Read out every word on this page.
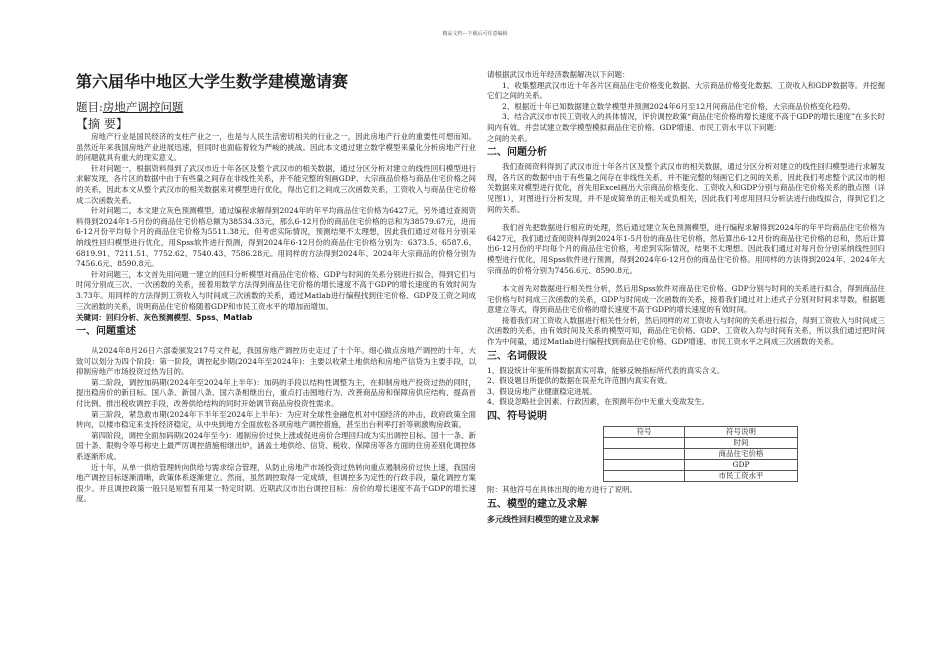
精品文档---下载后可任意编辑
第六届华中地区大学生数学建模邀请赛
题目:房地产调控问题
【摘 要】

房地产行业是国民经济的支柱产业之一，也是与人民生活密切相关的行业之一，因此房地产行业的重要性可想而知。虽然近年来我国房地产业进展迅速，但同时也面临着较为严峻的挑战。因此本文通过建立数学模型来量化分析房地产行业的问题就具有重大的现实意义。

针对问题一，根据资料得到了武汉市近十年各区及整个武汉市的相关数据，通过分区分析对建立的线性回归模型进行求解发现，各片区的数据中由于有些量之间存在非线性关系，并不能完整的刻画GDP、大宗商品价格与商品住宅价格之间的关系，因此本文从整个武汉市的相关数据来对模型进行优化，得出它们之间成三次函数关系，工资收入与商品住宅价格成二次函数关系。

针对问题二，本文建立灰色预测模型，通过编程求解得到2024年的年平均商品住宅价格为6427元，另外通过查阅资料得到2024年1-5月份的商品住宅价格总额为38534.33元，那么6-12月份的商品住宅价格的总和为38579.67元，进而6-12月份平均每个月的商品住宅价格为5511.38元。但考虑实际情况，预测结果不太理想，因此我们通过对每月分别采纳线性回归模型进行优化，用Spss软件进行预测，得到2024年6-12月份的商品住宅价格分别为：6373.5、6587.6、6819.91、7211.51、7752.62、7540.43、7586.28元。用同样的方法得到2024年、2024年大宗商品的价格分别为7456.6元、8590.8元。

针对问题三，本文首先用问题一建立的回归分析模型对商品住宅价格、GDP与时间的关系分别进行拟合，得到它们与时间分别成三次、一次函数的关系，接着用数学方法得到商品住宅价格的增长速度不高于GDP的增长速度的有效时间为3.73年。用同样的方法得到工资收入与时间成三次函数的关系，通过Matlab进行编程找到住宅价格、GDP及工资之间成三次函数的关系，说明商品住宅价格随着GDP和市民工资水平的增加而增加。

关键词：回归分析、灰色预测模型、Spss、Matlab
一、问题重述

从2024年8月26日六部委颁发217号文件起，我国房地产调控历史走过了十个年。细心做点房地产调控的十年，大致可以划分为四个阶段：第一阶段，调控起步期(2024年至2024年)：主要以收紧土地供给和房地产信贷为主要手段，以抑制房地产市场投资过热为目的。

第二阶段，调控加码期(2024年至2024年上半年)：加码的手段以结构性调整为主，在抑制房地产投资过热的同时，提出稳房价的新目标。国八条、新国八条、国六条相继出台，重点打击囤地行为、改善商品房和保障房供应结构、提高首付比例、推出税收调控手段，改善供给结构的同时开始调节商品房投资性需求。

第三阶段，紧急救市期(2024年下半年至2024年上半年)：为应对全球性金融危机对中国经济的冲击，政府政策全面转向，以楼市稳定来支持经济稳定，从中央到地方全面放松各项房地产调控措施，甚至出台利率打折等刺激购房政策。

第四阶段，调控全面加码期(2024年至今)：遏制房价过快上涨或促进房价合理回归成为实出调控目标。国十一条、新国十条、限购令等号称史上最严厉调控措施相继出炉，涵盖土地供给、信贷、税收、保障房等各方面的住房差别化调控体系逐渐形成。

近十年，从单一供给管理转向供给与需求综合管理，从防止房地产市场投资过热转向重点遏制房价过快上速，我国房地产调控目标逐渐清晰，政策体系逐渐建立。然而，虽然调控取得一定成绩，但调控多为定性的行政手段，量化调控方案很少。并且调控政策一般只是短暂有用某一特定时期。近期武汉市出台调控目标：房价的增长速度不高于GDP的增长速度。

请根据武汉市近年经济数据解决以下问题：

1、收集整理武汉市近十年各片区商品住宅价格变化数据、大宗商品价格变化数据、工资收入和GDP数据等。并挖掘它们之间的关系。

2、根据近十年已知数据建立数学模型并预测2024年6月至12月间商品住宅价格，大宗商品价格变化趋势。

3、结合武汉市市民工资收入的具体情况，评价调控政策“商品住宅价格的增长速度不高于GDP的增长速度”在多长时间内有效。并尝试建立数学模型模拟商品住宅价格、GDP增速、市民工资水平以下问题：

之间的关系。

二、问题分析

我们查阅资料得到了武汉市近十年各片区及整个武汉市的相关数据，通过分区分析对建立的线性回归模型进行求解发现，各片区的数据中由于有些量之间存在非线性关系，并不能完整的刻画它们之间的关系，因此我们考虑整个武汉市的相关数据来对模型进行优化，首先用Excel画出大宗商品价格变化、工资收入和GDP分别与商品住宅价格关系的散点图（详见图1），对图进行分析发现，并不是成简单的正相关或负相关，因此我们考虑用回归分析法进行曲线拟合，得到它们之间的关系。

我们首先把数据进行相应的处理，然后通过建立灰色预测模型，进行编程求解得到2024年的年平均商品住宅价格为6427元，我们通过查阅资料得到2024年1-5月份的商品住宅价格，然后算出6-12月份的商品住宅价格的总和，然后计算出6-12月份的平均每个月的商品住宅价格，考虑到实际情况，结果不太理想。因此我们通过对每月份分别采纳线性回归模型进行优化，用Spss软件进行预测，得到2024年6-12月份的商品住宅价格。用同样的方法得到2024年、2024年大宗商品的价格分别为7456.6元、8590.8元。

本文首先对数据进行相关性分析，然后用Spss软件对商品住宅价格、GDP分别与时间的关系进行拟合，得到商品住宅价格与时间成三次函数的关系，GDP与时间成一次函数的关系，接着我们通过对上述式子分别对时间求导数，根据题意建立等式，得到商品住宅价格的增长速度不高于GDP的增长速度的有效时间。

接着我们对工资收入数据进行相关性分析，然后同样的对工资收入与时间的关系进行拟合，得到工资收入与时间成三次函数的关系，由有效时间及关系的模型可知，商品住宅价格、GDP、工资收入均与时间有关系，所以我们通过把时间作为中间量，通过Matlab进行编程找到商品住宅价格、GDP增速、市民工资水平之间成三次函数的关系。

三、名词假设

1、假设统计年鉴所得数据真实可靠，能够反映指标所代表的真实含义。

2、假设题目所提供的数据在误差允许范围内真实有效。

3、假设房地产业健康稳定进展。

4、假设忽略社会因素、行政因素，在预测年份中无重大变故发生。

四、符号说明
符号	符号说明
	时间
	商品住宅价格
	GDP
	市民工资水平

附：其他符号在具体出现的地方进行了说明。

五、模型的建立及求解
多元线性回归模型的建立及求解
